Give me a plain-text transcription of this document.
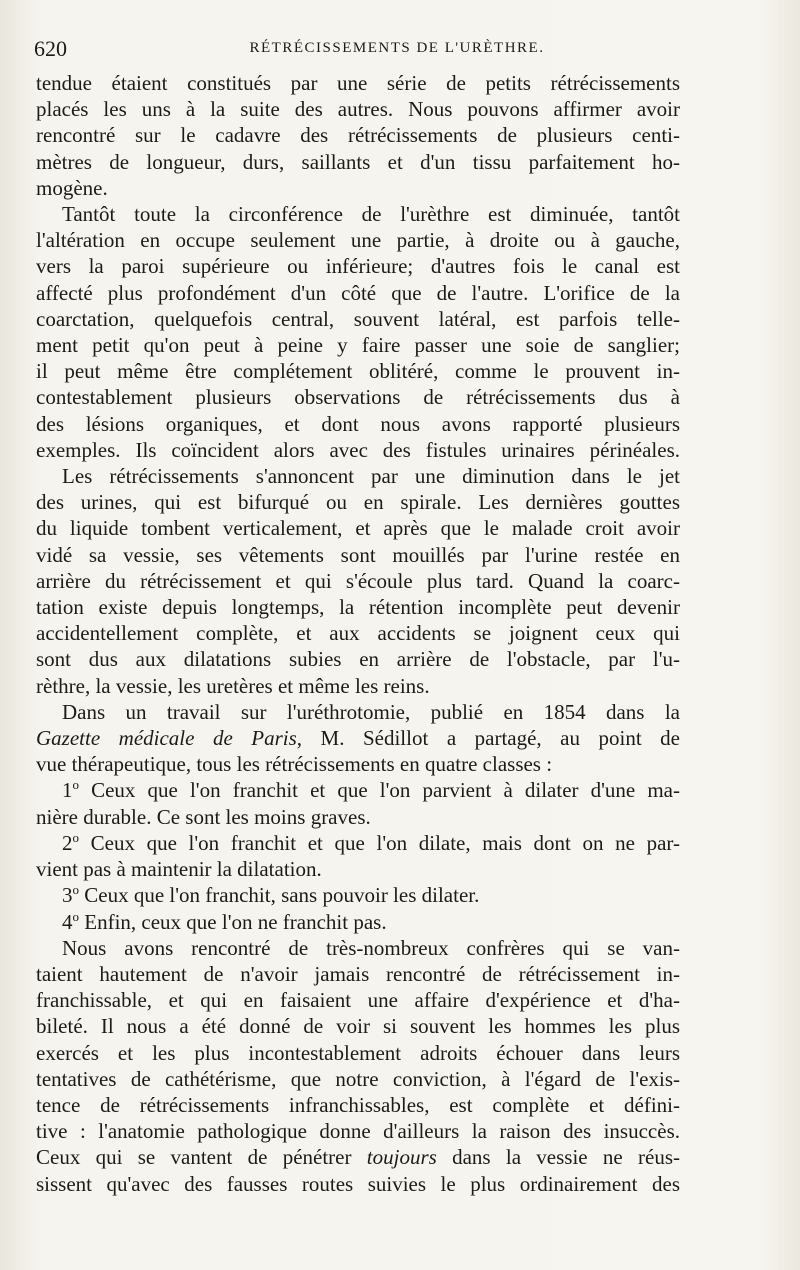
620	RÉTRÉCISSEMENTS DE L'URÈTHRE.
tendue étaient constitués par une série de petits rétrécissements
placés les uns à la suite des autres. Nous pouvons affirmer avoir
rencontré sur le cadavre des rétrécissements de plusieurs centi-
mètres de longueur, durs, saillants et d'un tissu parfaitement ho-
mogène.
Tantôt toute la circonférence de l'urèthre est diminuée, tantôt
l'altération en occupe seulement une partie, à droite ou à gauche,
vers la paroi supérieure ou inférieure; d'autres fois le canal est
affecté plus profondément d'un côté que de l'autre. L'orifice de la
coarctation, quelquefois central, souvent latéral, est parfois telle-
ment petit qu'on peut à peine y faire passer une soie de sanglier;
il peut même être complétement oblitéré, comme le prouvent in-
contestablement plusieurs observations de rétrécissements dus à
des lésions organiques, et dont nous avons rapporté plusieurs
exemples. Ils coïncident alors avec des fistules urinaires périnéales.
Les rétrécissements s'annoncent par une diminution dans le jet
des urines, qui est bifurqué ou en spirale. Les dernières gouttes
du liquide tombent verticalement, et après que le malade croit avoir
vidé sa vessie, ses vêtements sont mouillés par l'urine restée en
arrière du rétrécissement et qui s'écoule plus tard. Quand la coarc-
tation existe depuis longtemps, la rétention incomplète peut devenir
accidentellement complète, et aux accidents se joignent ceux qui
sont dus aux dilatations subies en arrière de l'obstacle, par l'u-
rèthre, la vessie, les uretères et même les reins.
Dans un travail sur l'uréthrotomie, publié en 1854 dans la
Gazette médicale de Paris, M. Sédillot a partagé, au point de
vue thérapeutique, tous les rétrécissements en quatre classes :
1$^o$ Ceux que l'on franchit et que l'on parvient à dilater d'une ma-
nière durable. Ce sont les moins graves.
2$^o$ Ceux que l'on franchit et que l'on dilate, mais dont on ne par-
vient pas à maintenir la dilatation.
3$^o$ Ceux que l'on franchit, sans pouvoir les dilater.
4$^o$ Enfin, ceux que l'on ne franchit pas.
Nous avons rencontré de très-nombreux confrères qui se van-
taient hautement de n'avoir jamais rencontré de rétrécissement in-
franchissable, et qui en faisaient une affaire d'expérience et d'ha-
bileté. Il nous a été donné de voir si souvent les hommes les plus
exercés et les plus incontestablement adroits échouer dans leurs
tentatives de cathétérisme, que notre conviction, à l'égard de l'exis-
tence de rétrécissements infranchissables, est complète et défini-
tive : l'anatomie pathologique donne d'ailleurs la raison des insuccès.
Ceux qui se vantent de pénétrer toujours dans la vessie ne réus-
sissent qu'avec des fausses routes suivies le plus ordinairement des
